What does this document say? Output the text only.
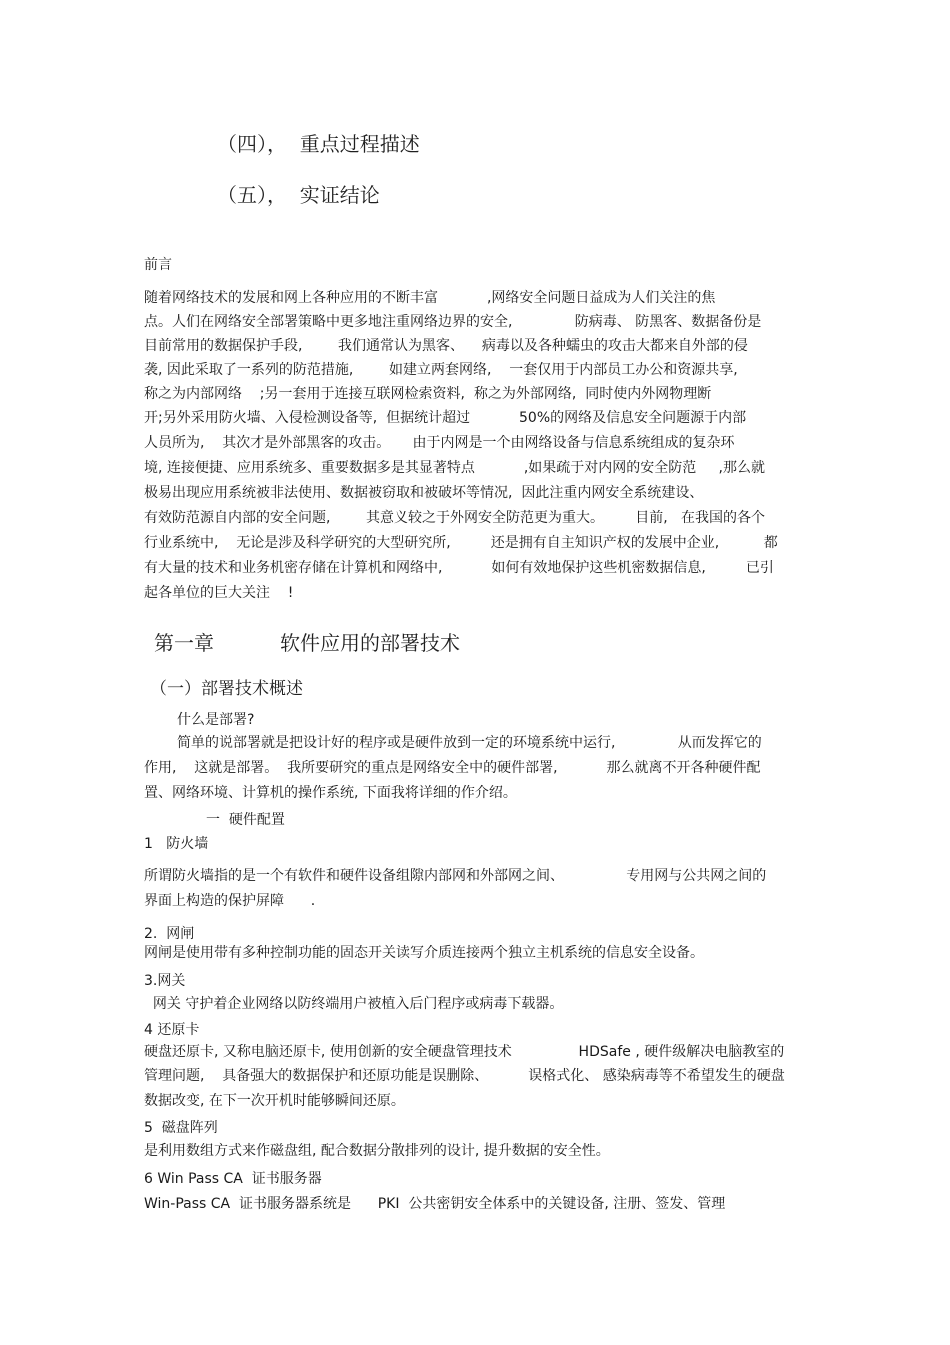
（四），  重点过程描述
（五），  实证结论
前言
随着网络技术的发展和网上各种应用的不断丰富           ,网络安全问题日益成为人们关注的焦
点。人们在网络安全部署策略中更多地注重网络边界的安全,              防病毒、 防黑客、数据备份是
目前常用的数据保护手段,        我们通常认为黑客、    病毒以及各种蠕虫的攻击大都来自外部的侵
袭, 因此采取了一系列的防范措施,        如建立两套网络,    一套仅用于内部员工办公和资源共享,
称之为内部网络    ;另一套用于连接互联网检索资料,  称之为外部网络,  同时使内外网物理断
开;另外采用防火墙、入侵检测设备等,  但据统计超过           50%的网络及信息安全问题源于内部
人员所为,    其次才是外部黑客的攻击。     由于内网是一个由网络设备与信息系统组成的复杂环
境, 连接便捷、应用系统多、重要数据多是其显著特点           ,如果疏于对内网的安全防范     ,那么就
极易出现应用系统被非法使用、数据被窃取和被破坏等情况,  因此注重内网安全系统建设、
有效防范源自内部的安全问题,        其意义较之于外网安全防范更为重大。       目前,   在我国的各个
行业系统中,    无论是涉及科学研究的大型研究所,         还是拥有自主知识产权的发展中企业,          都
有大量的技术和业务机密存储在计算机和网络中,           如何有效地保护这些机密数据信息,         已引
起各单位的巨大关注    !
第一章	软件应用的部署技术
（一）部署技术概述
什么是部署?
简单的说部署就是把设计好的程序或是硬件放到一定的环境系统中运行,              从而发挥它的
作用,    这就是部署。  我所要研究的重点是网络安全中的硬件部署,           那么就离不开各种硬件配
置、网络环境、计算机的操作系统, 下面我将详细的作介绍。
一  硬件配置
1   防火墙
所谓防火墙指的是一个有软件和硬件设备组隙内部网和外部网之间、              专用网与公共网之间的
界面上构造的保护屏障      .
2.  网闸
网闸是使用带有多种控制功能的固态开关读写介质连接两个独立主机系统的信息安全设备。
3.网关
网关 守护着企业网络以防终端用户被植入后门程序或病毒下载器。
4 还原卡
硬盘还原卡, 又称电脑还原卡, 使用创新的安全硬盘管理技术               HDSafe , 硬件级解决电脑教室的
管理问题,    具备强大的数据保护和还原功能是误删除、         误格式化、 感染病毒等不希望发生的硬盘
数据改变, 在下一次开机时能够瞬间还原。
5  磁盘阵列
是利用数组方式来作磁盘组, 配合数据分散排列的设计, 提升数据的安全性。
6 Win Pass CA  证书服务器
Win-Pass CA  证书服务器系统是      PKI  公共密钥安全体系中的关键设备, 注册、签发、管理
